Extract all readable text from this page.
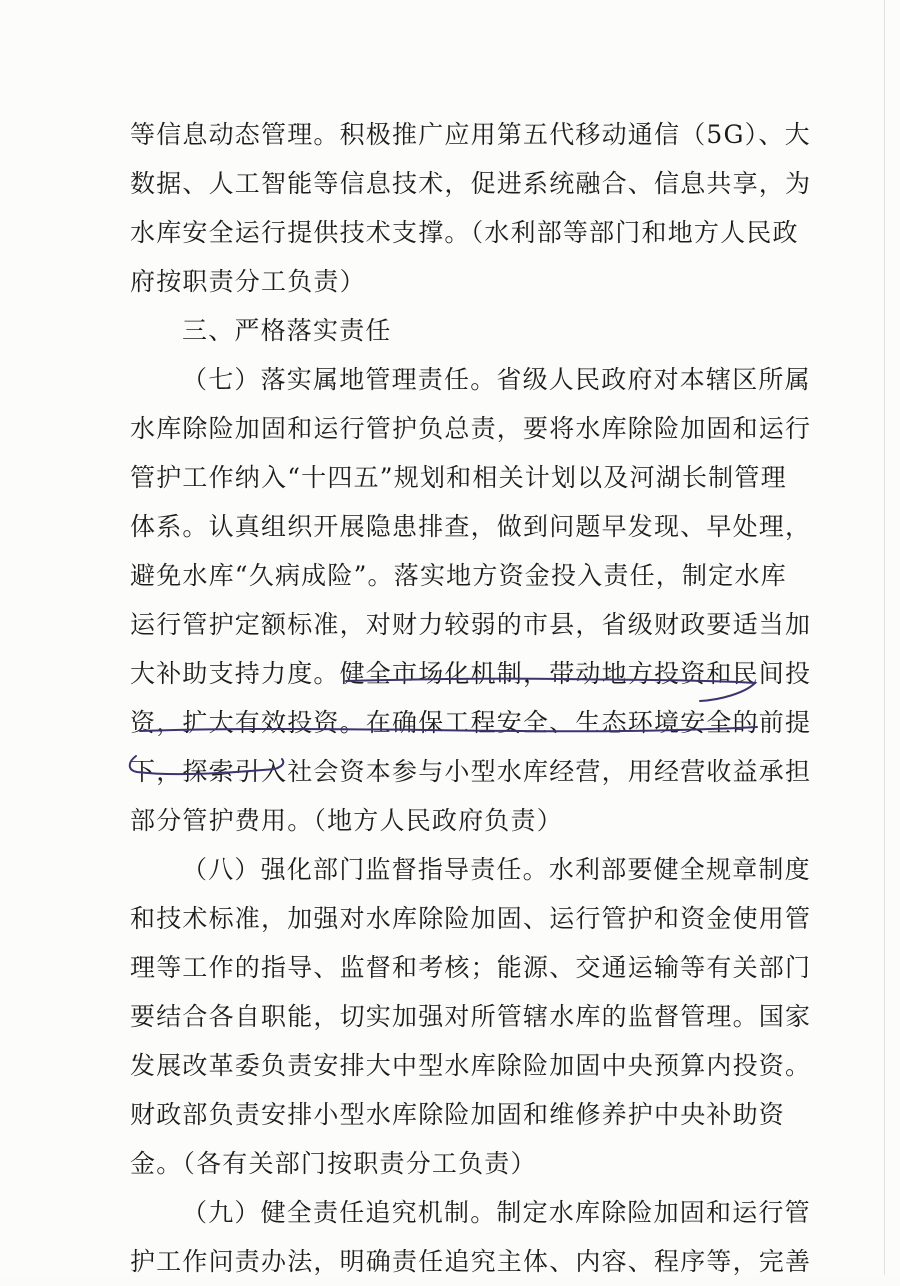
等信息动态管理。积极推广应用第五代移动通信（5G）、大
数据、人工智能等信息技术，促进系统融合、信息共享，为
水库安全运行提供技术支撑。（水利部等部门和地方人民政
府按职责分工负责）
三、严格落实责任
（七）落实属地管理责任。省级人民政府对本辖区所属
水库除险加固和运行管护负总责，要将水库除险加固和运行
管护工作纳入“十四五”规划和相关计划以及河湖长制管理
体系。认真组织开展隐患排查，做到问题早发现、早处理，
避免水库“久病成险”。落实地方资金投入责任，制定水库
运行管护定额标准，对财力较弱的市县，省级财政要适当加
大补助支持力度。健全市场化机制，带动地方投资和民间投
资，扩大有效投资。在确保工程安全、生态环境安全的前提
下，探索引入社会资本参与小型水库经营，用经营收益承担
部分管护费用。（地方人民政府负责）
（八）强化部门监督指导责任。水利部要健全规章制度
和技术标准，加强对水库除险加固、运行管护和资金使用管
理等工作的指导、监督和考核；能源、交通运输等有关部门
要结合各自职能，切实加强对所管辖水库的监督管理。国家
发展改革委负责安排大中型水库除险加固中央预算内投资。
财政部负责安排小型水库除险加固和维修养护中央补助资
金。（各有关部门按职责分工负责）
（九）健全责任追究机制。制定水库除险加固和运行管
护工作问责办法，明确责任追究主体、内容、程序等，完善
